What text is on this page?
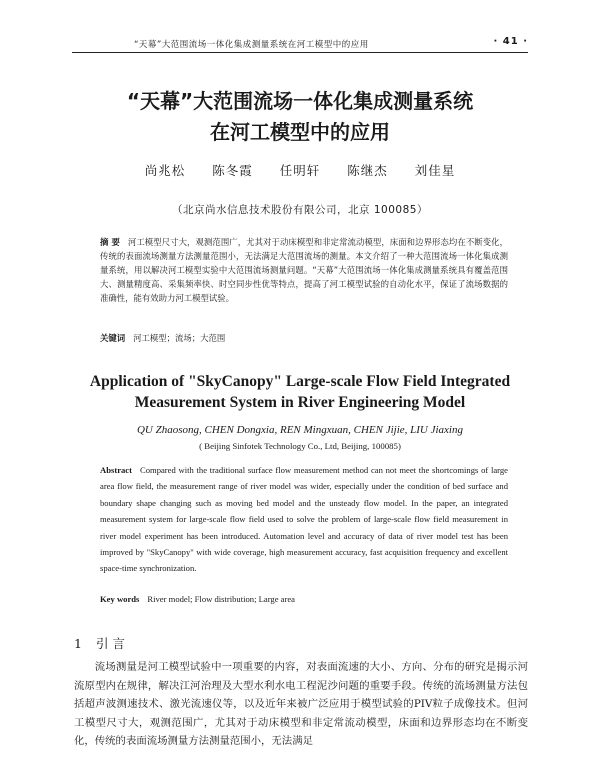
“天幕”大范围流场一体化集成测量系统在河工模型中的应用	· 41 ·
“天幕”大范围流场一体化集成测量系统
在河工模型中的应用
尚兆松 陈冬霞 任明轩 陈继杰 刘佳星
（北京尚水信息技术股份有限公司，北京 100085）
摘 要 河工模型尺寸大，观测范围广，尤其对于动床模型和非定常流动模型，床面和边界形态均在不断变化，传统的表面流场测量方法测量范围小，无法满足大范围流场的测量。本文介绍了一种大范围流场一体化集成测量系统，用以解决河工模型实验中大范围流场测量问题。“天幕”大范围流场一体化集成测量系统具有覆盖范围大、测量精度高、采集频率快、时空同步性优等特点，提高了河工模型试验的自动化水平，保证了流场数据的准确性，能有效助力河工模型试验。
关键词 河工模型；流场；大范围
Application of "SkyCanopy" Large-scale Flow Field Integrated
Measurement System in River Engineering Model
QU Zhaosong, CHEN Dongxia, REN Mingxuan, CHEN Jijie, LIU Jiaxing
( Beijing Sinfotek Technology Co., Ltd, Beijing, 100085)
Abstract Compared with the traditional surface flow measurement method can not meet the shortcomings of large area flow field, the measurement range of river model was wider, especially under the condition of bed surface and boundary shape changing such as moving bed model and the unsteady flow model. In the paper, an integrated measurement system for large-scale flow field used to solve the problem of large-scale flow field measurement in river model experiment has been introduced. Automation level and accuracy of data of river model test has been improved by "SkyCanopy" with wide coverage, high measurement accuracy, fast acquisition frequency and excellent space-time synchronization.
Key words River model; Flow distribution; Large area
1 引 言
流场测量是河工模型试验中一项重要的内容，对表面流速的大小、方向、分布的研究是揭示河流原型内在规律，解决江河治理及大型水利水电工程泥沙问题的重要手段。传统的流场测量方法包括超声波测速技术、激光流速仪等，以及近年来被广泛应用于模型试验的PIV粒子成像技术。但河工模型尺寸大，观测范围广，尤其对于动床模型和非定常流动模型，床面和边界形态均在不断变化，传统的表面流场测量方法测量范围小，无法满足
